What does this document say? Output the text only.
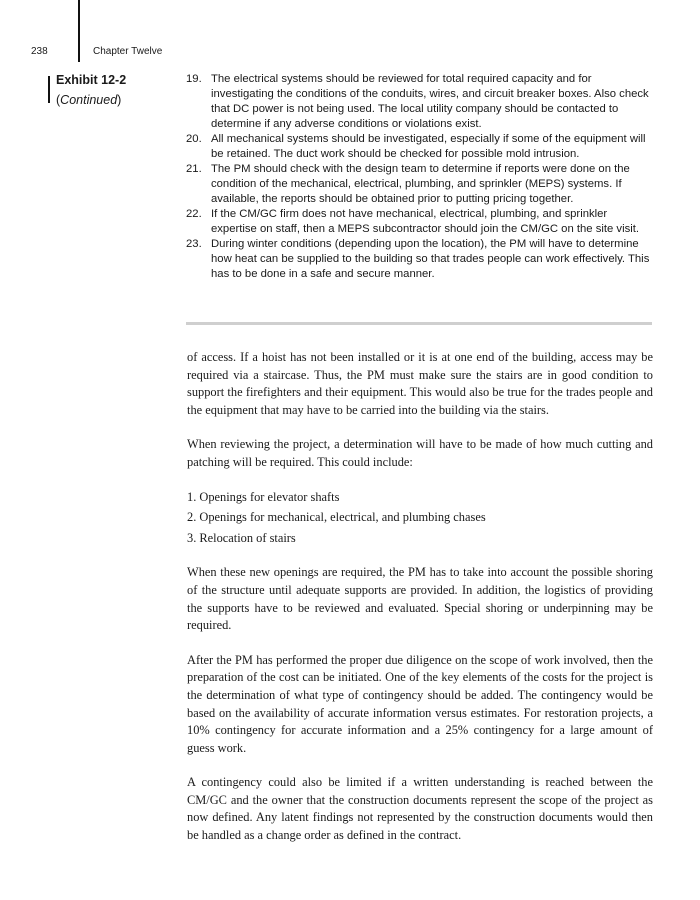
238	Chapter Twelve
Exhibit 12-2
(Continued)
19. The electrical systems should be reviewed for total required capacity and for investigating the conditions of the conduits, wires, and circuit breaker boxes. Also check that DC power is not being used. The local utility company should be contacted to determine if any adverse conditions or violations exist.
20. All mechanical systems should be investigated, especially if some of the equipment will be retained. The duct work should be checked for possible mold intrusion.
21. The PM should check with the design team to determine if reports were done on the condition of the mechanical, electrical, plumbing, and sprinkler (MEPS) systems. If available, the reports should be obtained prior to putting pricing together.
22. If the CM/GC firm does not have mechanical, electrical, plumbing, and sprinkler expertise on staff, then a MEPS subcontractor should join the CM/GC on the site visit.
23. During winter conditions (depending upon the location), the PM will have to determine how heat can be supplied to the building so that trades people can work effectively. This has to be done in a safe and secure manner.

of access. If a hoist has not been installed or it is at one end of the building, access may be required via a staircase. Thus, the PM must make sure the stairs are in good condition to support the firefighters and their equipment. This would also be true for the trades people and the equipment that may have to be carried into the building via the stairs.

When reviewing the project, a determination will have to be made of how much cutting and patching will be required. This could include:

1. Openings for elevator shafts
2. Openings for mechanical, electrical, and plumbing chases
3. Relocation of stairs

When these new openings are required, the PM has to take into account the possible shoring of the structure until adequate supports are provided. In addition, the logistics of providing the supports have to be reviewed and evaluated. Special shoring or underpinning may be required.

After the PM has performed the proper due diligence on the scope of work involved, then the preparation of the cost can be initiated. One of the key elements of the costs for the project is the determination of what type of contingency should be added. The contingency would be based on the availability of accurate information versus estimates. For restoration projects, a 10% contingency for accurate information and a 25% contingency for a large amount of guess work.

A contingency could also be limited if a written understanding is reached between the CM/GC and the owner that the construction documents represent the scope of the project as now defined. Any latent findings not represented by the construction documents would then be handled as a change order as defined in the contract.
